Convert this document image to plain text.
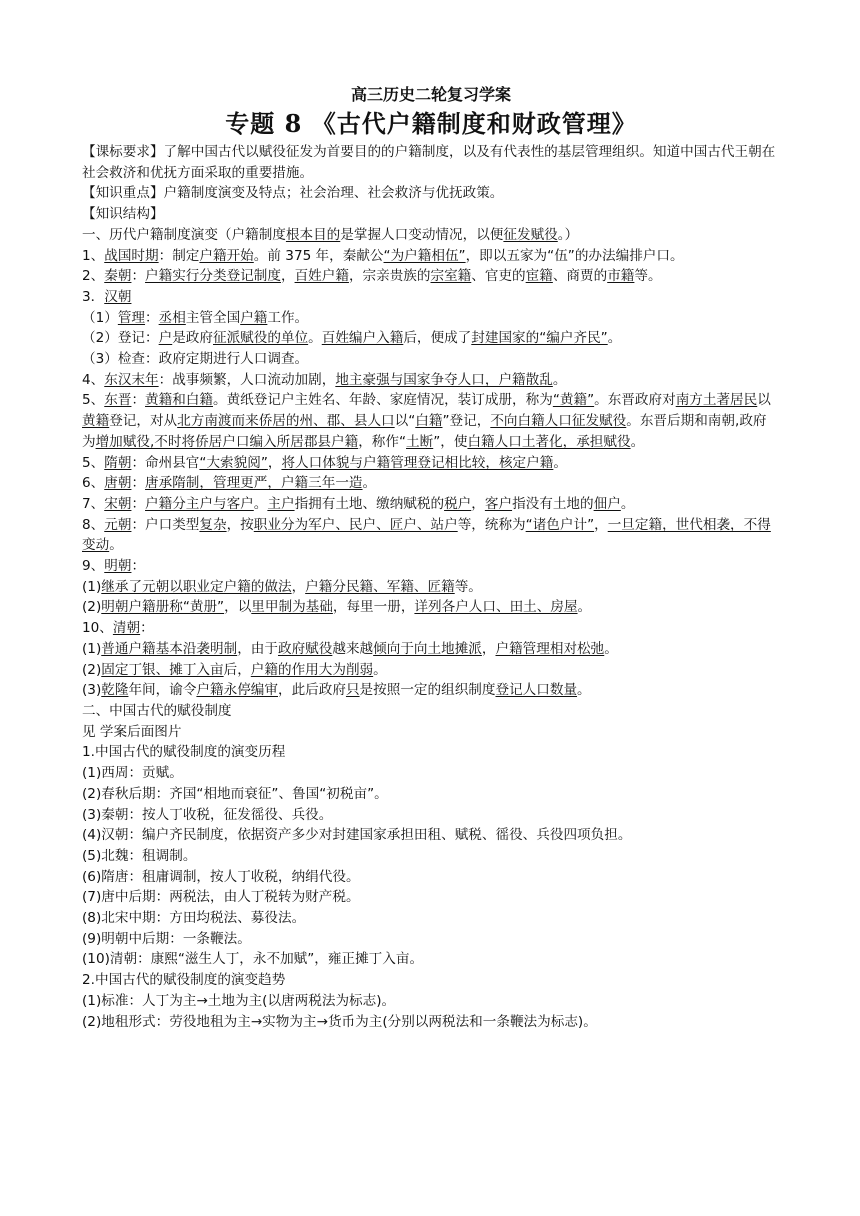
高三历史二轮复习学案
专题 8 《古代户籍制度和财政管理》

【课标要求】了解中国古代以赋役征发为首要目的的户籍制度，以及有代表性的基层管理组织。知道中国古代王朝在社会救济和优抚方面采取的重要措施。

【知识重点】户籍制度演变及特点；社会治理、社会救济与优抚政策。

【知识结构】

一、历代户籍制度演变（户籍制度根本目的是掌握人口变动情况，以便征发赋役。）

1、战国时期：制定户籍开始。前 375 年，秦献公“为户籍相伍”，即以五家为“伍”的办法编排户口。

2、秦朝：户籍实行分类登记制度，百姓户籍，宗亲贵族的宗室籍、官吏的宦籍、商贾的市籍等。

3．汉朝

（1）管理：丞相主管全国户籍工作。

（2）登记：户是政府征派赋役的单位。百姓编户入籍后，便成了封建国家的“编户齐民”。

（3）检查：政府定期进行人口调查。

4、东汉末年：战事频繁，人口流动加剧，地主豪强与国家争夺人口，户籍散乱。

5、东晋：黄籍和白籍。黄纸登记户主姓名、年龄、家庭情况，装订成册，称为“黄籍”。东晋政府对南方土著居民以黄籍登记，对从北方南渡而来侨居的州、郡、县人口以“白籍”登记，不向白籍人口征发赋役。东晋后期和南朝,政府为增加赋役,不时将侨居户口编入所居郡县户籍，称作“土断”，使白籍人口土著化，承担赋役。

5、隋朝：命州县官“大索貌阅”，将人口体貌与户籍管理登记相比较，核定户籍。

6、唐朝：唐承隋制，管理更严，户籍三年一造。

7、宋朝：户籍分主户与客户。主户指拥有土地、缴纳赋税的税户，客户指没有土地的佃户。

8、元朝：户口类型复杂，按职业分为军户、民户、匠户、站户等，统称为“诸色户计”，一旦定籍，世代相袭，不得变动。

9、明朝：

(1)继承了元朝以职业定户籍的做法，户籍分民籍、军籍、匠籍等。

(2)明朝户籍册称“黄册”，以里甲制为基础，每里一册，详列各户人口、田土、房屋。

10、清朝：

(1)普通户籍基本沿袭明制，由于政府赋役越来越倾向于向土地摊派，户籍管理相对松弛。

(2)固定丁银、摊丁入亩后，户籍的作用大为削弱。

(3)乾隆年间，谕令户籍永停编审，此后政府只是按照一定的组织制度登记人口数量。

二、中国古代的赋役制度

见 学案后面图片

1.中国古代的赋役制度的演变历程

(1)西周：贡赋。

(2)春秋后期：齐国“相地而衰征”、鲁国“初税亩”。

(3)秦朝：按人丁收税，征发徭役、兵役。

(4)汉朝：编户齐民制度，依据资产多少对封建国家承担田租、赋税、徭役、兵役四项负担。

(5)北魏：租调制。

(6)隋唐：租庸调制，按人丁收税，纳绢代役。

(7)唐中后期：两税法，由人丁税转为财产税。

(8)北宋中期：方田均税法、募役法。

(9)明朝中后期：一条鞭法。

(10)清朝：康熙“滋生人丁，永不加赋”，雍正摊丁入亩。

2.中国古代的赋役制度的演变趋势

(1)标准：人丁为主→土地为主(以唐两税法为标志)。

(2)地租形式：劳役地租为主→实物为主→货币为主(分别以两税法和一条鞭法为标志)。
